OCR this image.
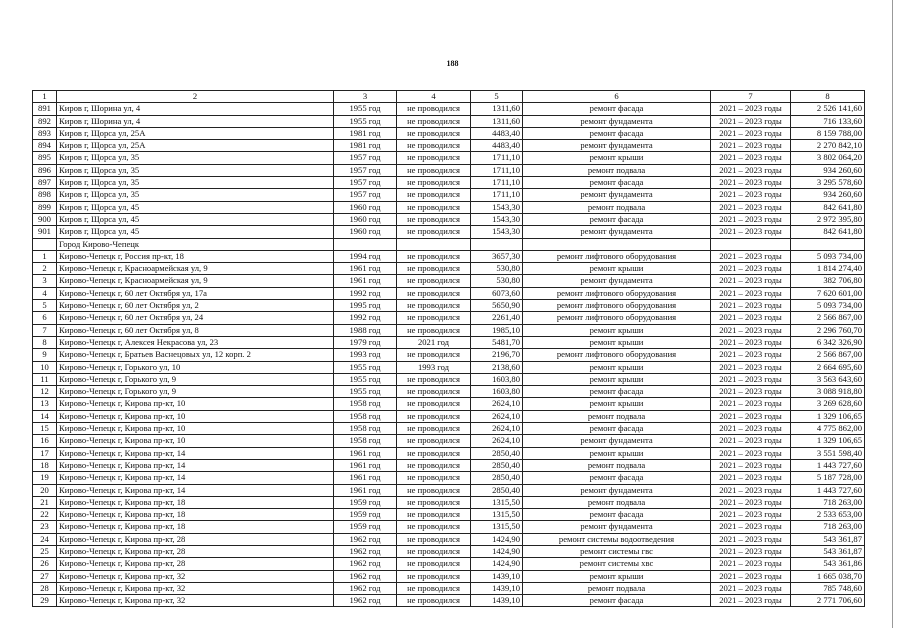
188
1	2	3	4	5	6	7	8
891	Киров г, Шорина ул, 4	1955 год	не проводился	1311,60	ремонт фасада	2021 – 2023 годы	2 526 141,60
892	Киров г, Шорина ул, 4	1955 год	не проводился	1311,60	ремонт фундамента	2021 – 2023 годы	716 133,60
893	Киров г, Щорса ул, 25А	1981 год	не проводился	4483,40	ремонт фасада	2021 – 2023 годы	8 159 788,00
894	Киров г, Щорса ул, 25А	1981 год	не проводился	4483,40	ремонт фундамента	2021 – 2023 годы	2 270 842,10
895	Киров г, Щорса ул, 35	1957 год	не проводился	1711,10	ремонт крыши	2021 – 2023 годы	3 802 064,20
896	Киров г, Щорса ул, 35	1957 год	не проводился	1711,10	ремонт подвала	2021 – 2023 годы	934 260,60
897	Киров г, Щорса ул, 35	1957 год	не проводился	1711,10	ремонт фасада	2021 – 2023 годы	3 295 578,60
898	Киров г, Щорса ул, 35	1957 год	не проводился	1711,10	ремонт фундамента	2021 – 2023 годы	934 260,60
899	Киров г, Щорса ул, 45	1960 год	не проводился	1543,30	ремонт подвала	2021 – 2023 годы	842 641,80
900	Киров г, Щорса ул, 45	1960 год	не проводился	1543,30	ремонт фасада	2021 – 2023 годы	2 972 395,80
901	Киров г, Щорса ул, 45	1960 год	не проводился	1543,30	ремонт фундамента	2021 – 2023 годы	842 641,80
	Город Кирово-Чепецк						
1	Кирово-Чепецк г, Россия пр-кт, 18	1994 год	не проводился	3657,30	ремонт лифтового оборудования	2021 – 2023 годы	5 093 734,00
2	Кирово-Чепецк г, Красноармейская ул, 9	1961 год	не проводился	530,80	ремонт крыши	2021 – 2023 годы	1 814 274,40
3	Кирово-Чепецк г, Красноармейская ул, 9	1961 год	не проводился	530,80	ремонт фундамента	2021 – 2023 годы	382 706,80
4	Кирово-Чепецк г, 60 лет Октября ул, 17а	1992 год	не проводился	6073,60	ремонт лифтового оборудования	2021 – 2023 годы	7 620 601,00
5	Кирово-Чепецк г, 60 лет Октября ул, 2	1995 год	не проводился	5650,90	ремонт лифтового оборудования	2021 – 2023 годы	5 093 734,00
6	Кирово-Чепецк г, 60 лет Октября ул, 24	1992 год	не проводился	2261,40	ремонт лифтового оборудования	2021 – 2023 годы	2 566 867,00
7	Кирово-Чепецк г, 60 лет Октября ул, 8	1988 год	не проводился	1985,10	ремонт крыши	2021 – 2023 годы	2 296 760,70
8	Кирово-Чепецк г, Алексея Некрасова ул, 23	1979 год	2021 год	5481,70	ремонт крыши	2021 – 2023 годы	6 342 326,90
9	Кирово-Чепецк г, Братьев Васнецовых ул, 12 корп. 2	1993 год	не проводился	2196,70	ремонт лифтового оборудования	2021 – 2023 годы	2 566 867,00
10	Кирово-Чепецк г, Горького ул, 10	1955 год	1993 год	2138,60	ремонт крыши	2021 – 2023 годы	2 664 695,60
11	Кирово-Чепецк г, Горького ул, 9	1955 год	не проводился	1603,80	ремонт крыши	2021 – 2023 годы	3 563 643,60
12	Кирово-Чепецк г, Горького ул, 9	1955 год	не проводился	1603,80	ремонт фасада	2021 – 2023 годы	3 088 918,80
13	Кирово-Чепецк г, Кирова пр-кт, 10	1958 год	не проводился	2624,10	ремонт крыши	2021 – 2023 годы	3 269 628,60
14	Кирово-Чепецк г, Кирова пр-кт, 10	1958 год	не проводился	2624,10	ремонт подвала	2021 – 2023 годы	1 329 106,65
15	Кирово-Чепецк г, Кирова пр-кт, 10	1958 год	не проводился	2624,10	ремонт фасада	2021 – 2023 годы	4 775 862,00
16	Кирово-Чепецк г, Кирова пр-кт, 10	1958 год	не проводился	2624,10	ремонт фундамента	2021 – 2023 годы	1 329 106,65
17	Кирово-Чепецк г, Кирова пр-кт, 14	1961 год	не проводился	2850,40	ремонт крыши	2021 – 2023 годы	3 551 598,40
18	Кирово-Чепецк г, Кирова пр-кт, 14	1961 год	не проводился	2850,40	ремонт подвала	2021 – 2023 годы	1 443 727,60
19	Кирово-Чепецк г, Кирова пр-кт, 14	1961 год	не проводился	2850,40	ремонт фасада	2021 – 2023 годы	5 187 728,00
20	Кирово-Чепецк г, Кирова пр-кт, 14	1961 год	не проводился	2850,40	ремонт фундамента	2021 – 2023 годы	1 443 727,60
21	Кирово-Чепецк г, Кирова пр-кт, 18	1959 год	не проводился	1315,50	ремонт подвала	2021 – 2023 годы	718 263,00
22	Кирово-Чепецк г, Кирова пр-кт, 18	1959 год	не проводился	1315,50	ремонт фасада	2021 – 2023 годы	2 533 653,00
23	Кирово-Чепецк г, Кирова пр-кт, 18	1959 год	не проводился	1315,50	ремонт фундамента	2021 – 2023 годы	718 263,00
24	Кирово-Чепецк г, Кирова пр-кт, 28	1962 год	не проводился	1424,90	ремонт системы водоотведения	2021 – 2023 годы	543 361,87
25	Кирово-Чепецк г, Кирова пр-кт, 28	1962 год	не проводился	1424,90	ремонт системы гвс	2021 – 2023 годы	543 361,87
26	Кирово-Чепецк г, Кирова пр-кт, 28	1962 год	не проводился	1424,90	ремонт системы хвс	2021 – 2023 годы	543 361,86
27	Кирово-Чепецк г, Кирова пр-кт, 32	1962 год	не проводился	1439,10	ремонт крыши	2021 – 2023 годы	1 665 038,70
28	Кирово-Чепецк г, Кирова пр-кт, 32	1962 год	не проводился	1439,10	ремонт подвала	2021 – 2023 годы	785 748,60
29	Кирово-Чепецк г, Кирова пр-кт, 32	1962 год	не проводился	1439,10	ремонт фасада	2021 – 2023 годы	2 771 706,60
